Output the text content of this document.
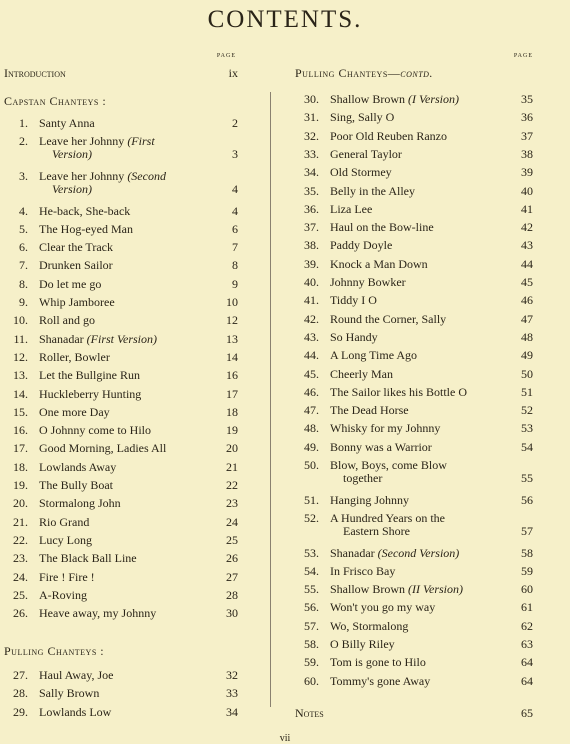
CONTENTS.
PAGE
Introduction	ix
Capstan Chanteys :
1. Santy Anna	2
2. Leave her Johnny (First
Version)	3
3. Leave her Johnny (Second
Version)	4
4. He-back, She-back	4
5. The Hog-eyed Man	6
6. Clear the Track	7
7. Drunken Sailor	8
8. Do let me go	9
9. Whip Jamboree	10
10. Roll and go	12
11. Shanadar (First Version)	13
12. Roller, Bowler	14
13. Let the Bullgine Run	16
14. Huckleberry Hunting	17
15. One more Day	18
16. O Johnny come to Hilo	19
17. Good Morning, Ladies All	20
18. Lowlands Away	21
19. The Bully Boat	22
20. Stormalong John	23
21. Rio Grand	24
22. Lucy Long	25
23. The Black Ball Line	26
24. Fire ! Fire !	27
25. A-Roving	28
26. Heave away, my Johnny	30
Pulling Chanteys :
27. Haul Away, Joe	32
28. Sally Brown	33
29. Lowlands Low	34
PAGE
Pulling Chanteys—contd.
30. Shallow Brown (I Version)	35
31. Sing, Sally O	36
32. Poor Old Reuben Ranzo	37
33. General Taylor	38
34. Old Stormey	39
35. Belly in the Alley	40
36. Liza Lee	41
37. Haul on the Bow-line	42
38. Paddy Doyle	43
39. Knock a Man Down	44
40. Johnny Bowker	45
41. Tiddy I O	46
42. Round the Corner, Sally	47
43. So Handy	48
44. A Long Time Ago	49
45. Cheerly Man	50
46. The Sailor likes his Bottle O	51
47. The Dead Horse	52
48. Whisky for my Johnny	53
49. Bonny was a Warrior	54
50. Blow, Boys, come Blow
together	55
51. Hanging Johnny	56
52. A Hundred Years on the
Eastern Shore	57
53. Shanadar (Second Version)	58
54. In Frisco Bay	59
55. Shallow Brown (II Version)	60
56. Won't you go my way	61
57. Wo, Stormalong	62
58. O Billy Riley	63
59. Tom is gone to Hilo	64
60. Tommy's gone Away	64
Notes	65
vii
